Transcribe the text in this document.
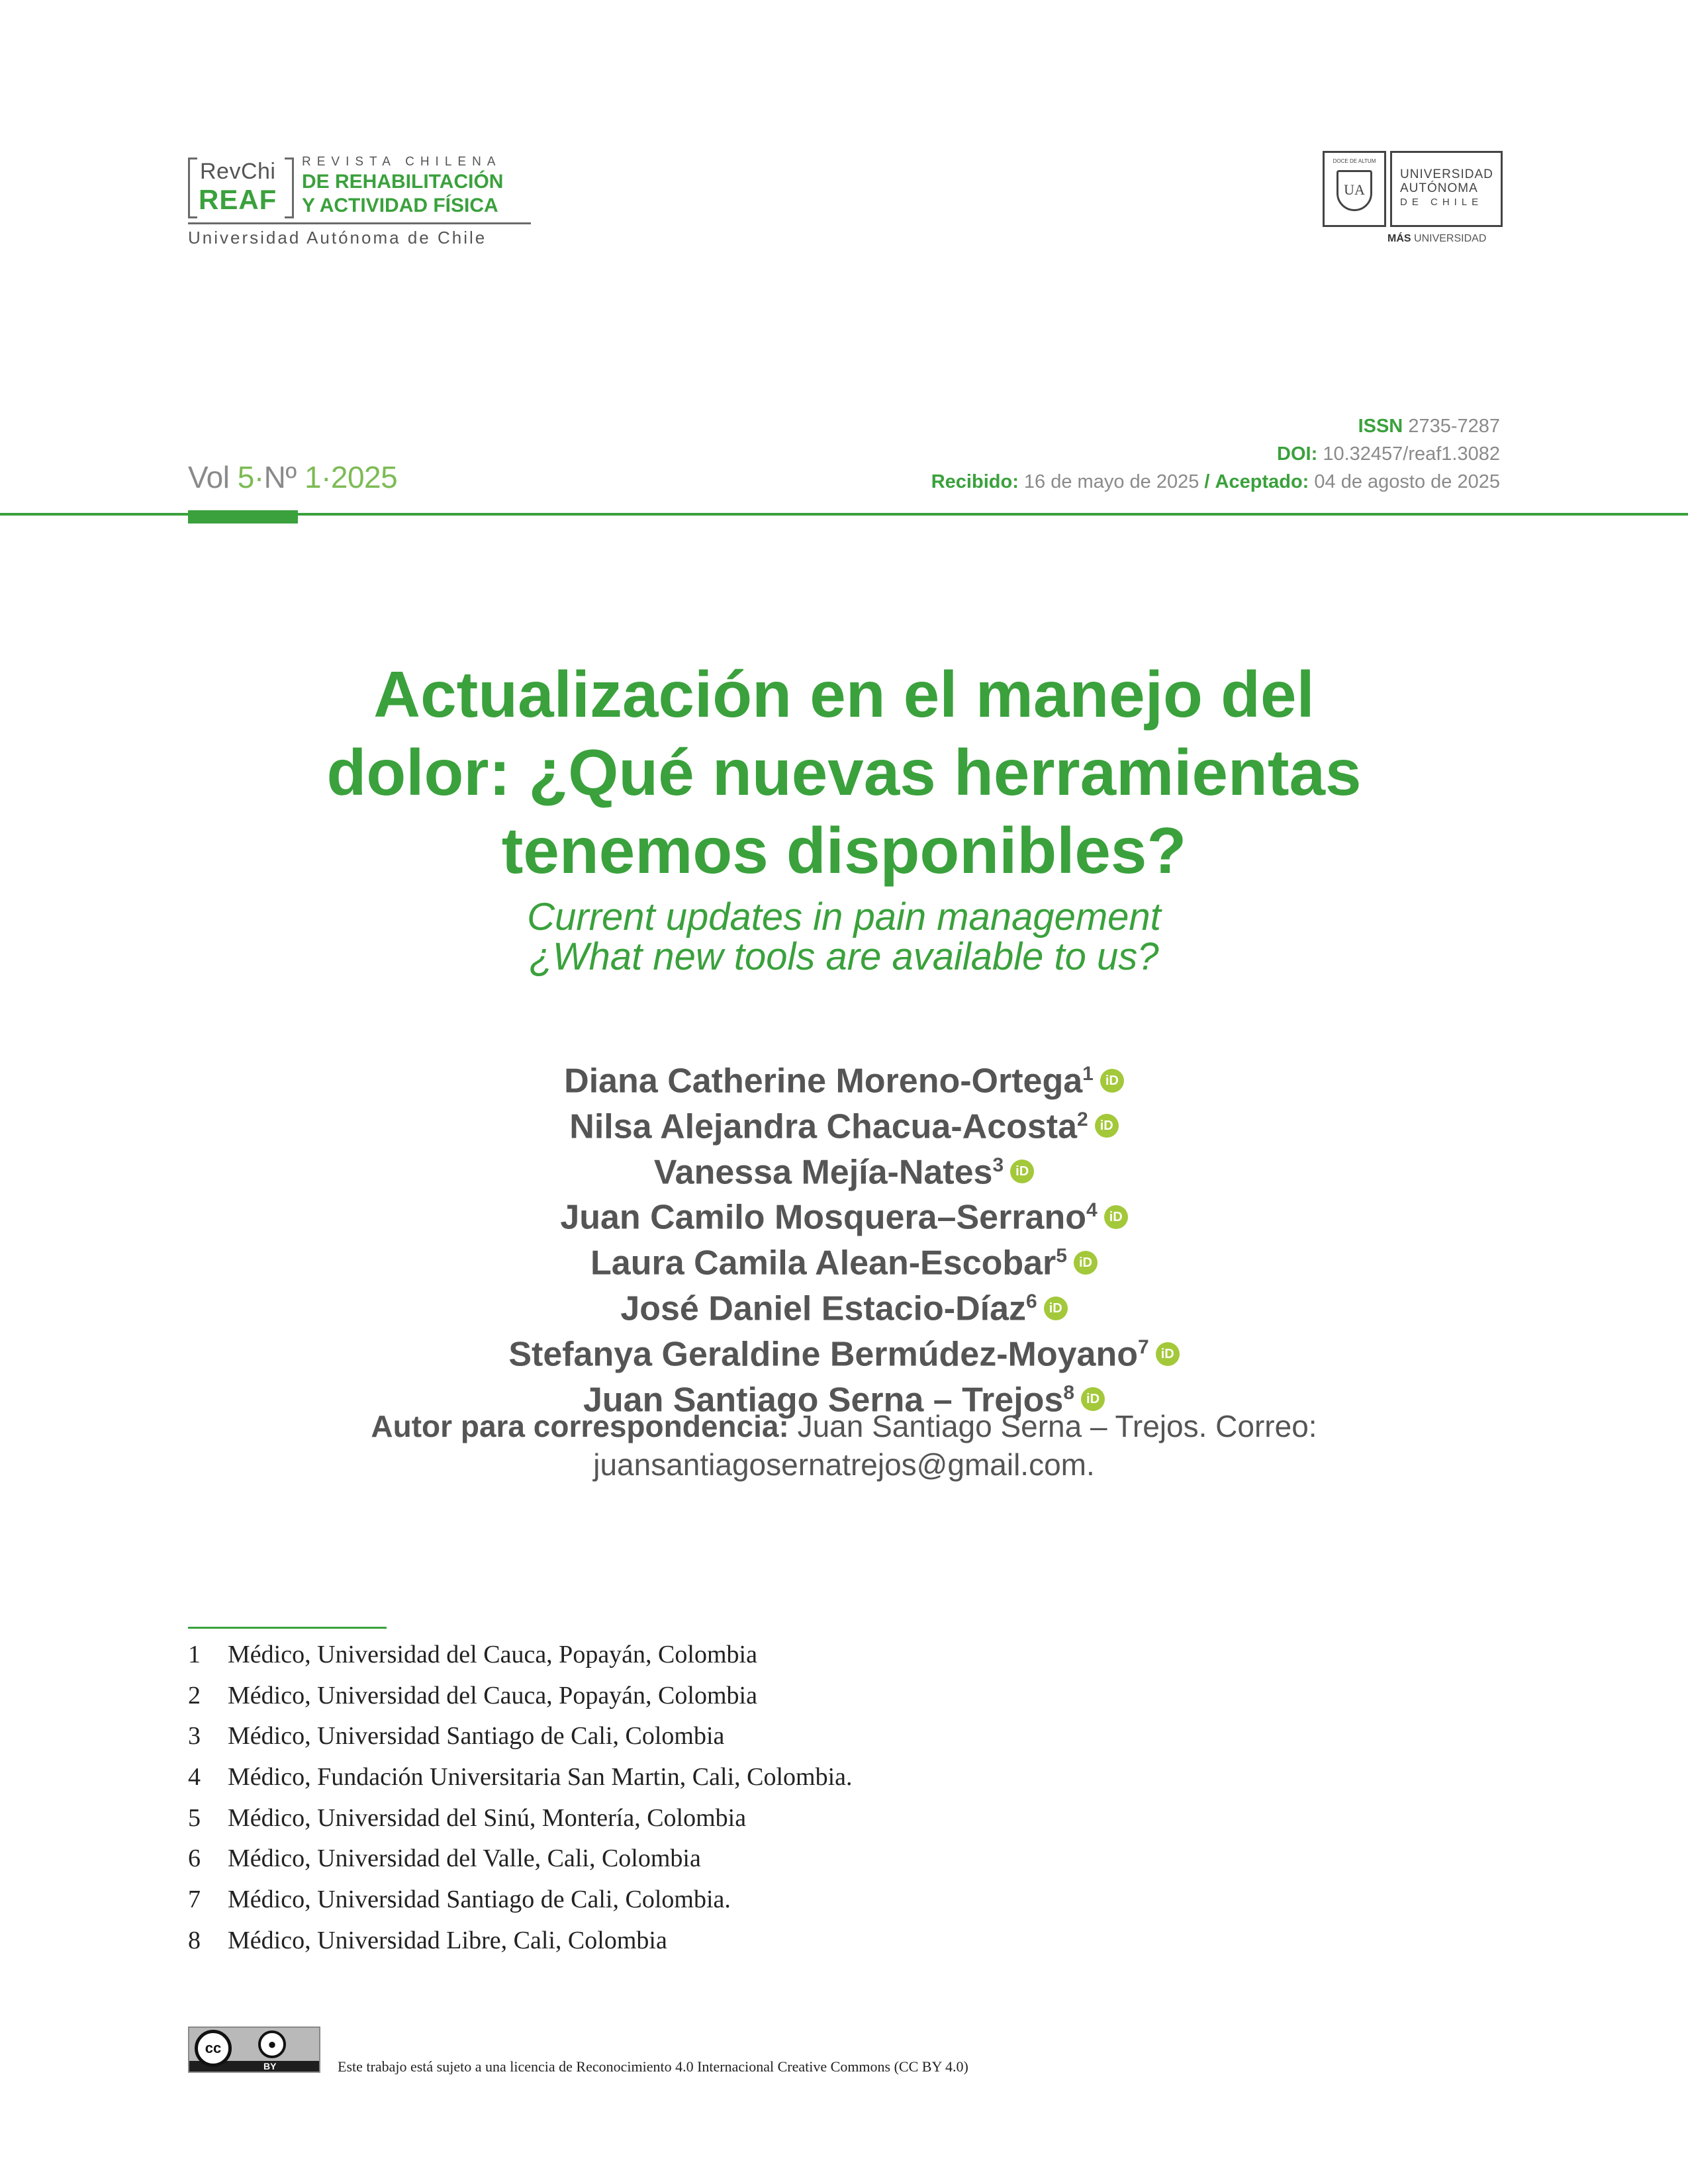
RevChi
REAF
REVISTA CHILENA
DE REHABILITACIÓN
Y ACTIVIDAD FÍSICA
Universidad Autónoma de Chile
DOCE DE ALTUM
UA
UNIVERSIDAD
AUTÓNOMA
DE CHILE
MÁS UNIVERSIDAD
Vol 5·Nº 1·2025
ISSN 2735-7287
DOI: 10.32457/reaf1.3082
Recibido: 16 de mayo de 2025 / Aceptado: 04 de agosto de 2025
Actualización en el manejo del
dolor: ¿Qué nuevas herramientas
tenemos disponibles?
Current updates in pain management
¿What new tools are available to us?
Diana Catherine Moreno-Ortega$^1$ iD
Nilsa Alejandra Chacua-Acosta$^2$ iD
Vanessa Mejía-Nates$^3$ iD
Juan Camilo Mosquera–Serrano$^4$ iD
Laura Camila Alean-Escobar$^5$ iD
José Daniel Estacio-Díaz$^6$ iD
Stefanya Geraldine Bermúdez-Moyano$^7$ iD
Juan Santiago Serna – Trejos$^8$ iD
Autor para correspondencia: Juan Santiago Serna – Trejos. Correo:
juansantiagosernatrejos@gmail.com.
1 Médico, Universidad del Cauca, Popayán, Colombia
2 Médico, Universidad del Cauca, Popayán, Colombia
3 Médico, Universidad Santiago de Cali, Colombia
4 Médico, Fundación Universitaria San Martin, Cali, Colombia.
5 Médico, Universidad del Sinú, Montería, Colombia
6 Médico, Universidad del Valle, Cali, Colombia
7 Médico, Universidad Santiago de Cali, Colombia.
8 Médico, Universidad Libre, Cali, Colombia
cc	●
BY	Este trabajo está sujeto a una licencia de Reconocimiento 4.0 Internacional Creative Commons (CC BY 4.0)
